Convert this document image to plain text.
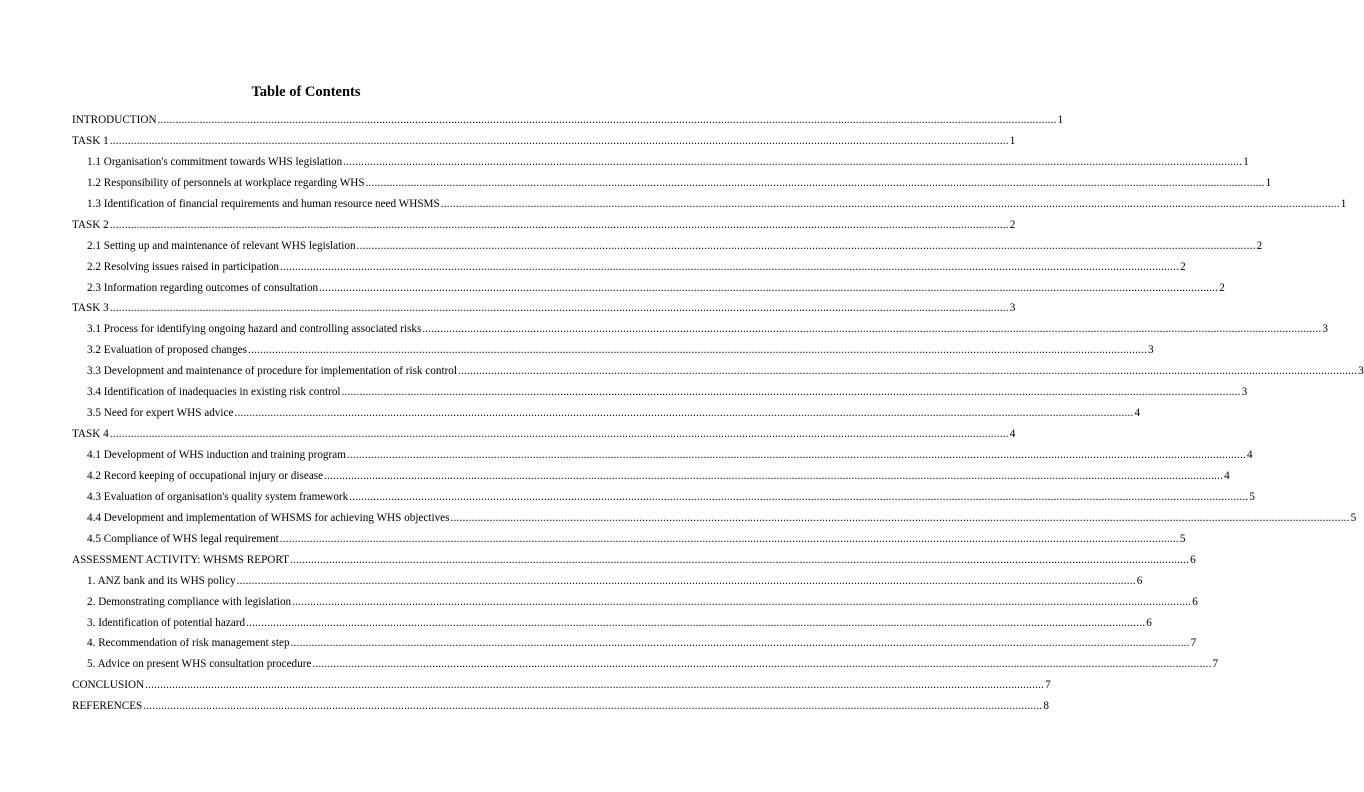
Table of Contents
INTRODUCTION ............................................................................................................................................................................................................................................................................................................ 1
TASK 1 ............................................................................................................................................................................................................................................................................................................ 1
1.1 Organisation's commitment towards WHS legislation ............................................................................................................................................................................................................................................................................................................ 1
1.2 Responsibility of personnels at workplace regarding WHS ............................................................................................................................................................................................................................................................................................................ 1
1.3 Identification of financial requirements and human resource need WHSMS ............................................................................................................................................................................................................................................................................................................ 1
TASK 2 ............................................................................................................................................................................................................................................................................................................ 2
2.1 Setting up and maintenance of relevant WHS legislation ............................................................................................................................................................................................................................................................................................................ 2
2.2 Resolving issues raised in participation ............................................................................................................................................................................................................................................................................................................ 2
2.3 Information regarding outcomes of consultation ............................................................................................................................................................................................................................................................................................................ 2
TASK 3 ............................................................................................................................................................................................................................................................................................................ 3
3.1 Process for identifying ongoing hazard and controlling associated risks ............................................................................................................................................................................................................................................................................................................ 3
3.2 Evaluation of proposed changes ............................................................................................................................................................................................................................................................................................................ 3
3.3 Development and maintenance of procedure for implementation of risk control ............................................................................................................................................................................................................................................................................................................ 3
3.4 Identification of inadequacies in existing risk control ............................................................................................................................................................................................................................................................................................................ 3
3.5 Need for expert WHS advice ............................................................................................................................................................................................................................................................................................................ 4
TASK 4 ............................................................................................................................................................................................................................................................................................................ 4
4.1 Development of WHS induction and training program ............................................................................................................................................................................................................................................................................................................ 4
4.2 Record keeping of occupational injury or disease ............................................................................................................................................................................................................................................................................................................ 4
4.3 Evaluation of organisation's quality system framework ............................................................................................................................................................................................................................................................................................................ 5
4.4 Development and implementation of WHSMS for achieving WHS objectives ............................................................................................................................................................................................................................................................................................................ 5
4.5 Compliance of WHS legal requirement ............................................................................................................................................................................................................................................................................................................ 5
ASSESSMENT ACTIVITY: WHSMS REPORT ............................................................................................................................................................................................................................................................................................................ 6
1. ANZ bank and its WHS policy ............................................................................................................................................................................................................................................................................................................ 6
2. Demonstrating compliance with legislation ............................................................................................................................................................................................................................................................................................................ 6
3. Identification of potential hazard ............................................................................................................................................................................................................................................................................................................ 6
4. Recommendation of risk management step ............................................................................................................................................................................................................................................................................................................ 7
5. Advice on present WHS consultation procedure ............................................................................................................................................................................................................................................................................................................ 7
CONCLUSION ............................................................................................................................................................................................................................................................................................................ 7
REFERENCES ............................................................................................................................................................................................................................................................................................................ 8
